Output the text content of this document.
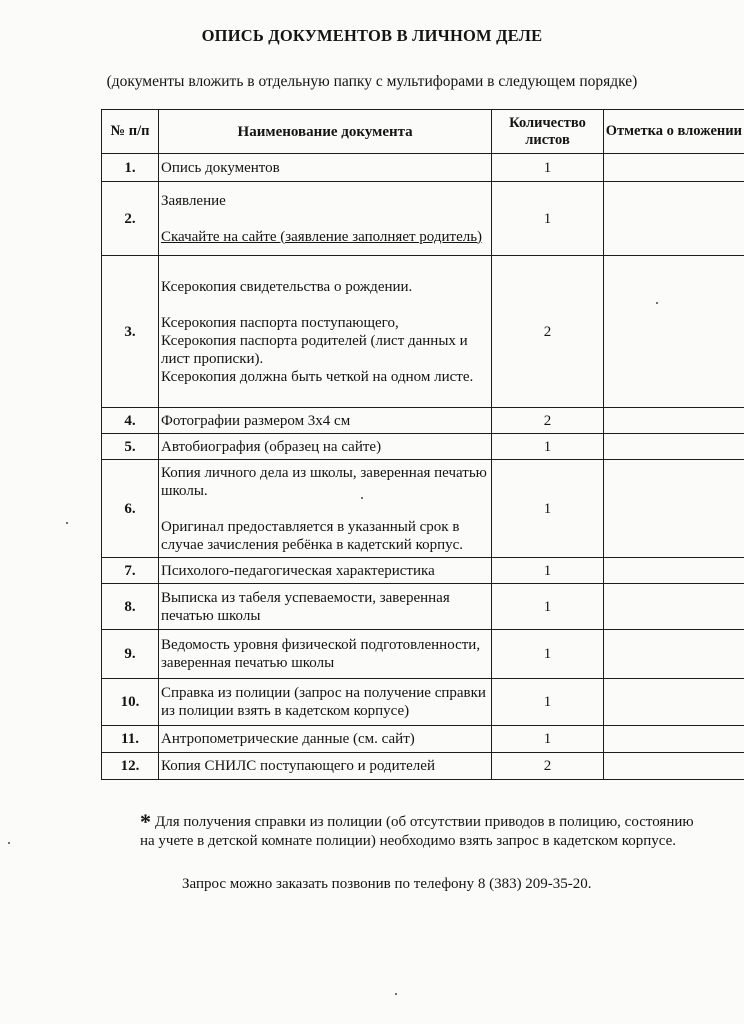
ОПИСЬ ДОКУМЕНТОВ В ЛИЧНОМ ДЕЛЕ
(документы вложить в отдельную папку с мультифорами в следующем порядке)
№ п/п	Наименование документа	Количество листов	Отметка о вложении
1.	Опись документов	1	
2.	Заявление
Скачайте на сайте (заявление заполняет родитель)	1	
3.	Ксерокопия свидетельства о рождении.
Ксерокопия паспорта поступающего,
Ксерокопия паспорта родителей (лист данных и лист прописки).
Ксерокопия должна быть четкой на одном листе.	2	
4.	Фотографии размером 3х4 см	2	
5.	Автобиография (образец на сайте)	1	
6.	Копия личного дела из школы, заверенная печатью школы.
Оригинал предоставляется в указанный срок в случае зачисления ребёнка в кадетский корпус.	1	
7.	Психолого-педагогическая характеристика	1	
8.	Выписка из табеля успеваемости, заверенная печатью школы	1	
9.	Ведомость уровня физической подготовленности, заверенная печатью школы	1	
10.	Справка из полиции (запрос на получение справки из полиции взять в кадетском корпусе)	1	
11.	Антропометрические данные (см. сайт)	1	
12.	Копия СНИЛС поступающего и родителей	2	
* Для получения справки из полиции (об отсутствии приводов в полицию, состоянию на учете в детской комнате полиции) необходимо взять запрос в кадетском корпусе.
Запрос можно заказать позвонив по телефону 8 (383) 209-35-20.
